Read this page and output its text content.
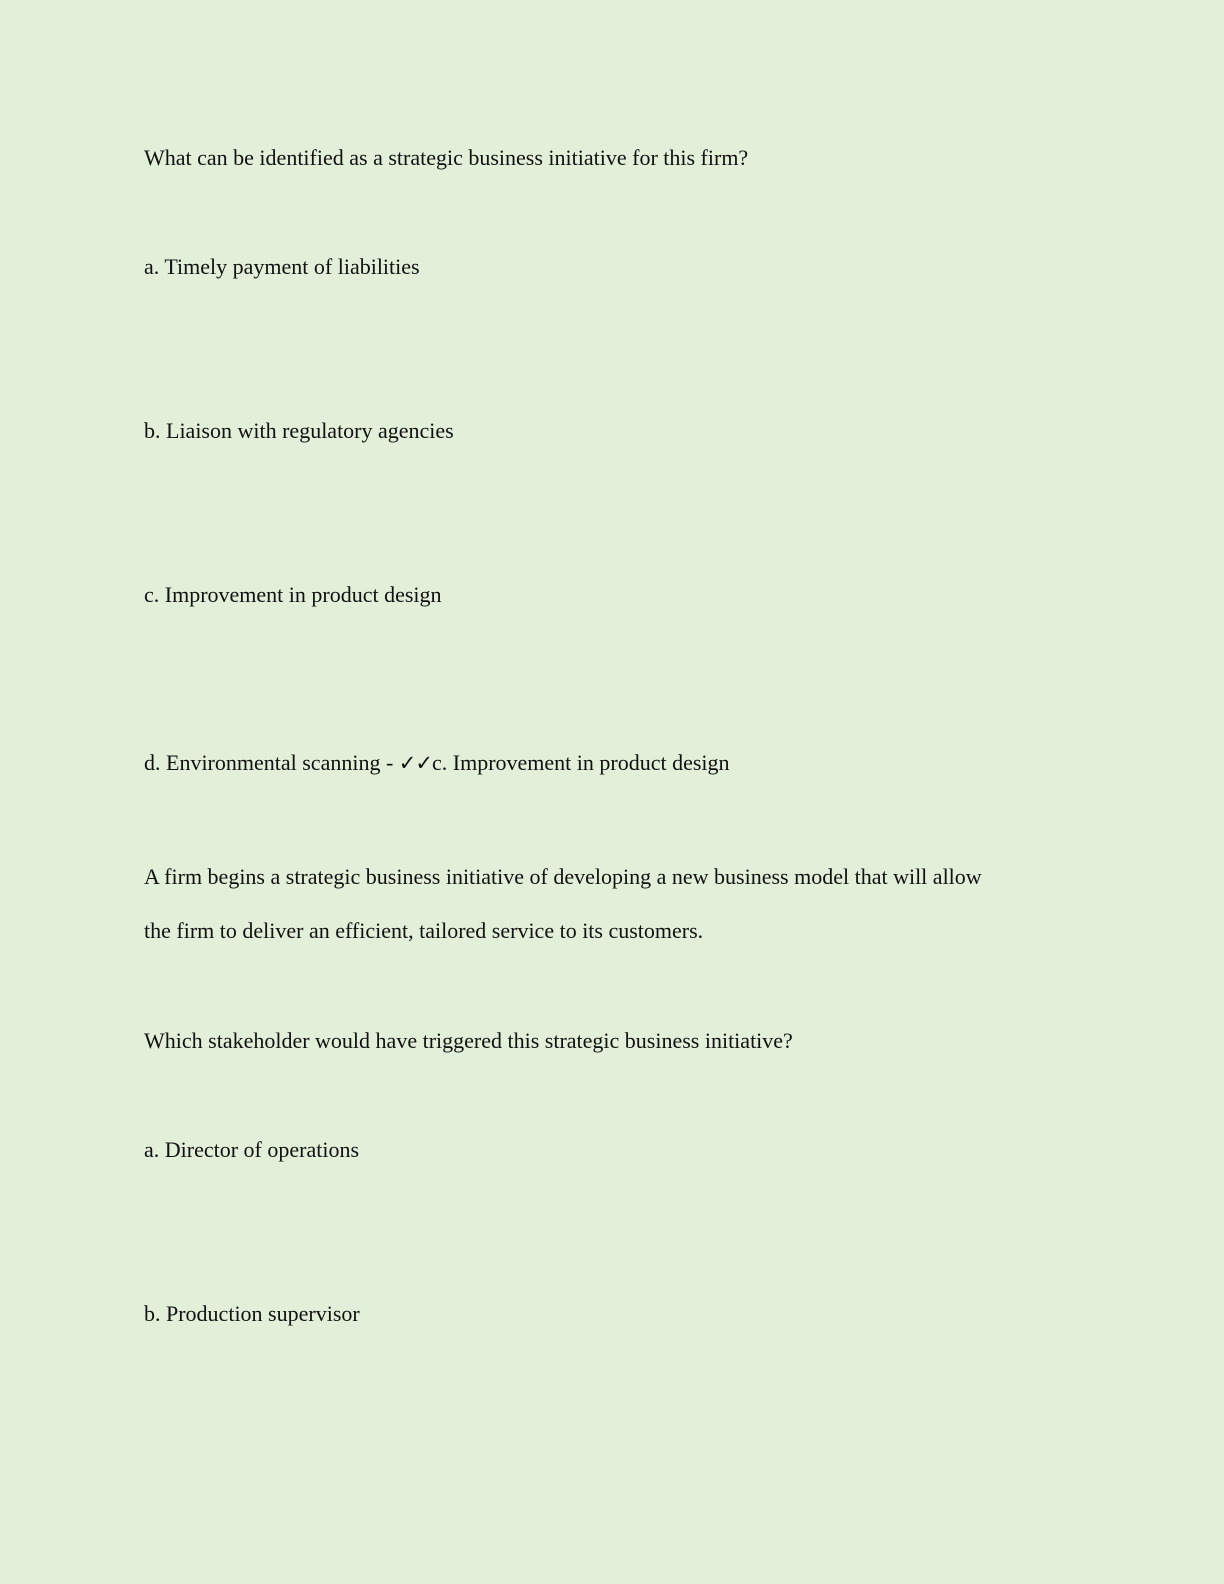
What can be identified as a strategic business initiative for this firm?
a. Timely payment of liabilities
b. Liaison with regulatory agencies
c. Improvement in product design
d. Environmental scanning - ✓✓c. Improvement in product design
A firm begins a strategic business initiative of developing a new business model that will allow
the firm to deliver an efficient, tailored service to its customers.
Which stakeholder would have triggered this strategic business initiative?
a. Director of operations
b. Production supervisor
